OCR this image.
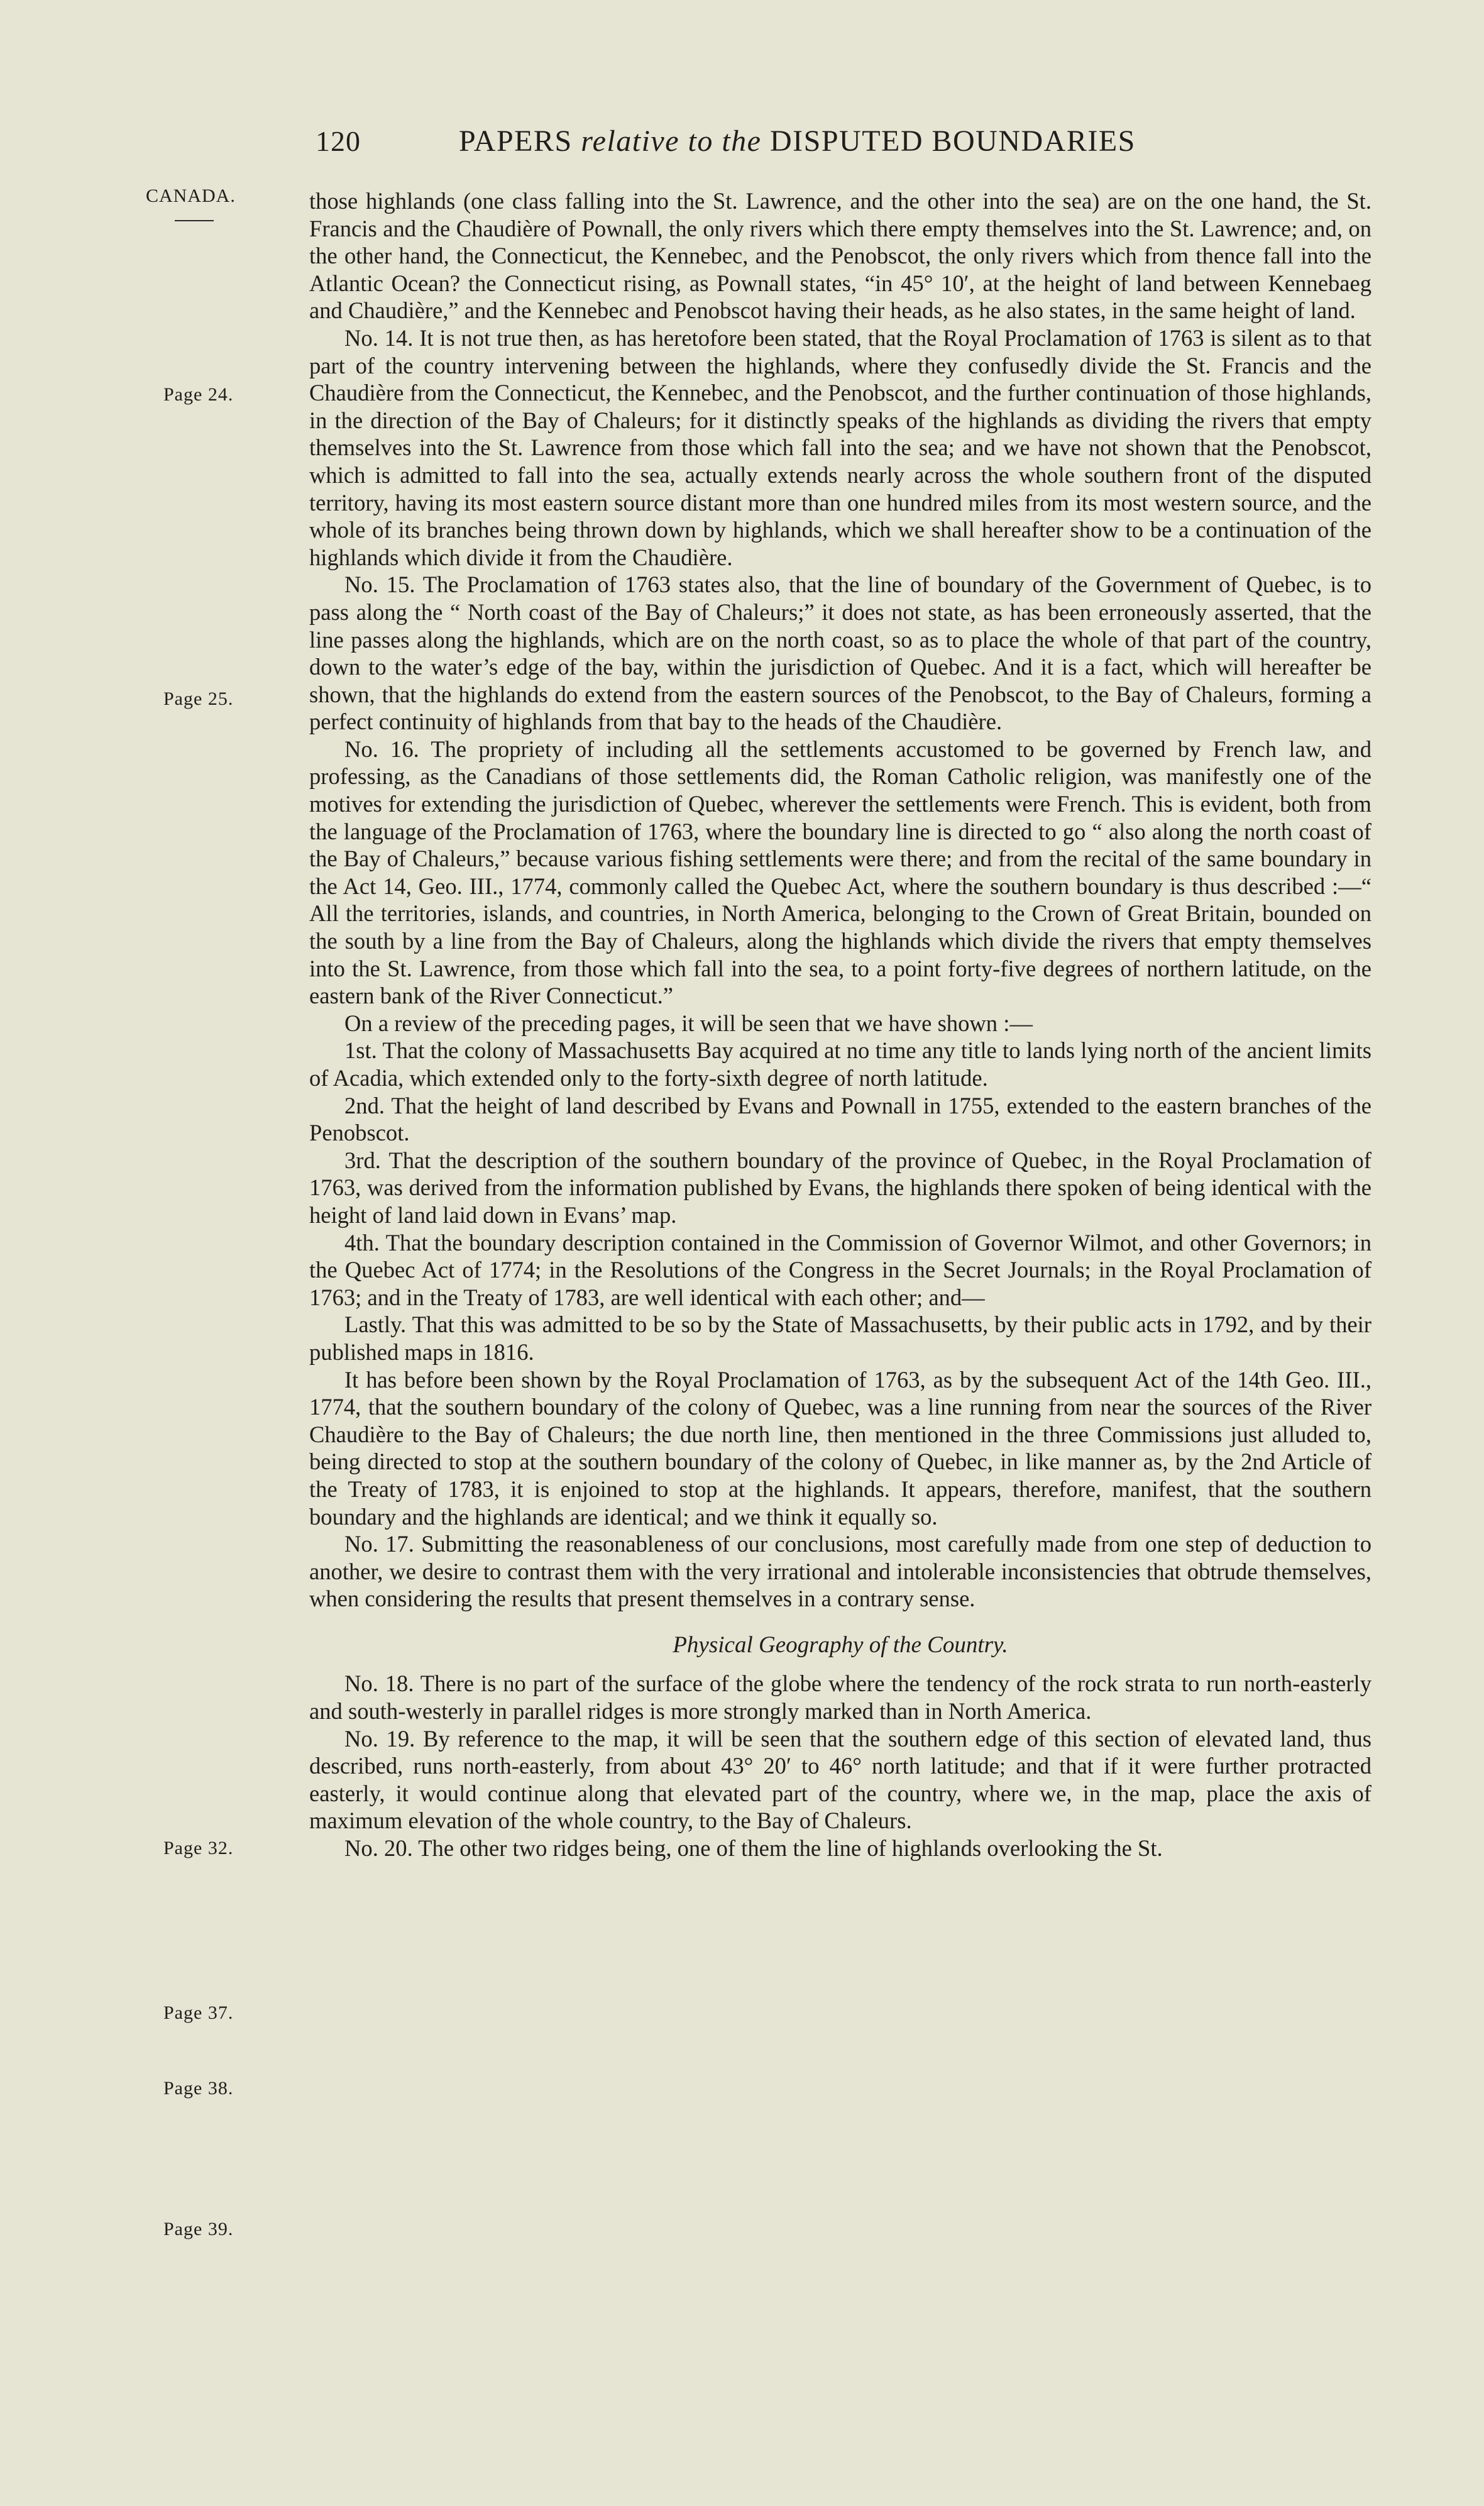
120	PAPERS relative to the DISPUTED BOUNDARIES
CANADA.
Page 24.
Page 25.
Page 32.
Page 37.
Page 38.
Page 39.

those highlands (one class falling into the St. Lawrence, and the other into the sea) are on the one hand, the St. Francis and the Chaudière of Pownall, the only rivers which there empty themselves into the St. Lawrence; and, on the other hand, the Connecticut, the Kennebec, and the Penobscot, the only rivers which from thence fall into the Atlantic Ocean? the Connecticut rising, as Pownall states, “in 45° 10′, at the height of land between Kennebaeg and Chaudière,” and the Kennebec and Penobscot having their heads, as he also states, in the same height of land.

No. 14. It is not true then, as has heretofore been stated, that the Royal Proclamation of 1763 is silent as to that part of the country intervening between the highlands, where they confusedly divide the St. Francis and the Chaudière from the Connecticut, the Kennebec, and the Penobscot, and the further continuation of those highlands, in the direction of the Bay of Chaleurs; for it distinctly speaks of the highlands as dividing the rivers that empty themselves into the St. Lawrence from those which fall into the sea; and we have not shown that the Penobscot, which is admitted to fall into the sea, actually extends nearly across the whole southern front of the disputed territory, having its most eastern source distant more than one hundred miles from its most western source, and the whole of its branches being thrown down by highlands, which we shall hereafter show to be a continuation of the highlands which divide it from the Chaudière.

No. 15. The Proclamation of 1763 states also, that the line of boundary of the Government of Quebec, is to pass along the “ North coast of the Bay of Chaleurs;” it does not state, as has been erroneously asserted, that the line passes along the highlands, which are on the north coast, so as to place the whole of that part of the country, down to the water’s edge of the bay, within the jurisdiction of Quebec. And it is a fact, which will hereafter be shown, that the highlands do extend from the eastern sources of the Penobscot, to the Bay of Chaleurs, forming a perfect continuity of highlands from that bay to the heads of the Chaudière.

No. 16. The propriety of including all the settlements accustomed to be governed by French law, and professing, as the Canadians of those settlements did, the Roman Catholic religion, was manifestly one of the motives for extending the jurisdiction of Quebec, wherever the settlements were French. This is evident, both from the language of the Proclamation of 1763, where the boundary line is directed to go “ also along the north coast of the Bay of Chaleurs,” because various fishing settlements were there; and from the recital of the same boundary in the Act 14, Geo. III., 1774, commonly called the Quebec Act, where the southern boundary is thus described :—“ All the territories, islands, and countries, in North America, belonging to the Crown of Great Britain, bounded on the south by a line from the Bay of Chaleurs, along the highlands which divide the rivers that empty themselves into the St. Lawrence, from those which fall into the sea, to a point forty-five degrees of northern latitude, on the eastern bank of the River Connecticut.”

On a review of the preceding pages, it will be seen that we have shown :—

1st. That the colony of Massachusetts Bay acquired at no time any title to lands lying north of the ancient limits of Acadia, which extended only to the forty-sixth degree of north latitude.

2nd. That the height of land described by Evans and Pownall in 1755, extended to the eastern branches of the Penobscot.

3rd. That the description of the southern boundary of the province of Quebec, in the Royal Proclamation of 1763, was derived from the information published by Evans, the highlands there spoken of being identical with the height of land laid down in Evans’ map.

4th. That the boundary description contained in the Commission of Governor Wilmot, and other Governors; in the Quebec Act of 1774; in the Resolutions of the Congress in the Secret Journals; in the Royal Proclamation of 1763; and in the Treaty of 1783, are well identical with each other; and—

Lastly. That this was admitted to be so by the State of Massachusetts, by their public acts in 1792, and by their published maps in 1816.

It has before been shown by the Royal Proclamation of 1763, as by the subsequent Act of the 14th Geo. III., 1774, that the southern boundary of the colony of Quebec, was a line running from near the sources of the River Chaudière to the Bay of Chaleurs; the due north line, then mentioned in the three Commissions just alluded to, being directed to stop at the southern boundary of the colony of Quebec, in like manner as, by the 2nd Article of the Treaty of 1783, it is enjoined to stop at the highlands. It appears, therefore, manifest, that the southern boundary and the highlands are identical; and we think it equally so.

No. 17. Submitting the reasonableness of our conclusions, most carefully made from one step of deduction to another, we desire to contrast them with the very irrational and intolerable inconsistencies that obtrude themselves, when considering the results that present themselves in a contrary sense.

Physical Geography of the Country.

No. 18. There is no part of the surface of the globe where the tendency of the rock strata to run north-easterly and south-westerly in parallel ridges is more strongly marked than in North America.

No. 19. By reference to the map, it will be seen that the southern edge of this section of elevated land, thus described, runs north-easterly, from about 43° 20′ to 46° north latitude; and that if it were further protracted easterly, it would continue along that elevated part of the country, where we, in the map, place the axis of maximum elevation of the whole country, to the Bay of Chaleurs.

No. 20. The other two ridges being, one of them the line of highlands overlooking the St.
